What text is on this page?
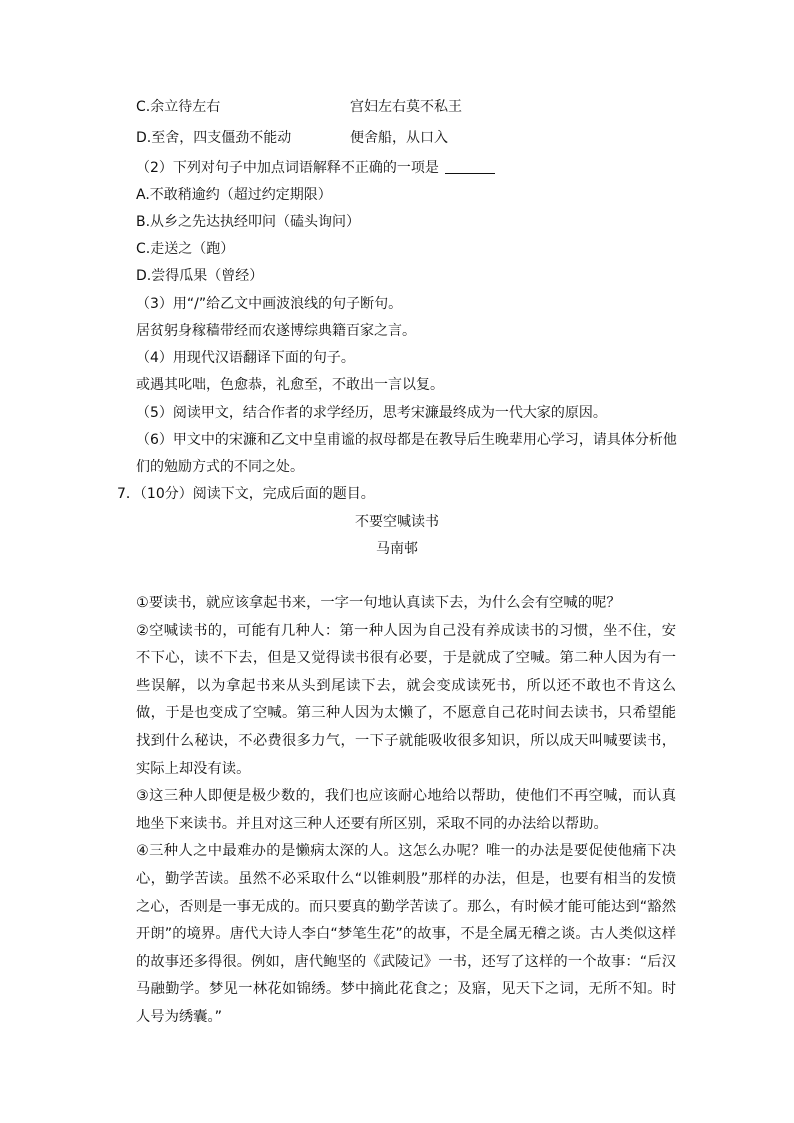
C.余立待左右	宫妇左右莫不私王
D.至舍，四支僵劲不能动	便舍船，从口入
（2）下列对句子中加点词语解释不正确的一项是
A.不敢稍逾约（超过约定期限）
B.从乡之先达执经叩问（磕头询问）
C.走送之（跑）
D.尝得瓜果（曾经）
（3）用“/”给乙文中画波浪线的句子断句。
居贫躬身稼穑带经而农遂博综典籍百家之言。
（4）用现代汉语翻译下面的句子。
或遇其叱咄，色愈恭，礼愈至，不敢出一言以复。
（5）阅读甲文，结合作者的求学经历，思考宋濂最终成为一代大家的原因。
（6）甲文中的宋濂和乙文中皇甫谧的叔母都是在教导后生晚辈用心学习，请具体分析他
们的勉励方式的不同之处。
7．（10分）阅读下文，完成后面的题目。
不要空喊读书
马南邨

①要读书，就应该拿起书来，一字一句地认真读下去，为什么会有空喊的呢？

②空喊读书的，可能有几种人：第一种人因为自己没有养成读书的习惯，坐不住，安不下心，读不下去，但是又觉得读书很有必要，于是就成了空喊。第二种人因为有一些误解，以为拿起书来从头到尾读下去，就会变成读死书，所以还不敢也不肯这么做，于是也变成了空喊。第三种人因为太懒了，不愿意自己花时间去读书，只希望能找到什么秘诀，不必费很多力气，一下子就能吸收很多知识，所以成天叫喊要读书，实际上却没有读。

③这三种人即便是极少数的，我们也应该耐心地给以帮助，使他们不再空喊，而认真地坐下来读书。并且对这三种人还要有所区别，采取不同的办法给以帮助。

④三种人之中最难办的是懒病太深的人。这怎么办呢？唯一的办法是要促使他痛下决心，勤学苦读。虽然不必采取什么“以锥刺股”那样的办法，但是，也要有相当的发愤之心，否则是一事无成的。而只要真的勤学苦读了。那么，有时候才能可能达到“豁然开朗”的境界。唐代大诗人李白“梦笔生花”的故事，不是全属无稽之谈。古人类似这样的故事还多得很。例如，唐代鲍坚的《武陵记》一书，还写了这样的一个故事：“后汉马融勤学。梦见一林花如锦绣。梦中摘此花食之；及寤，见天下之词，无所不知。时人号为绣囊。”
